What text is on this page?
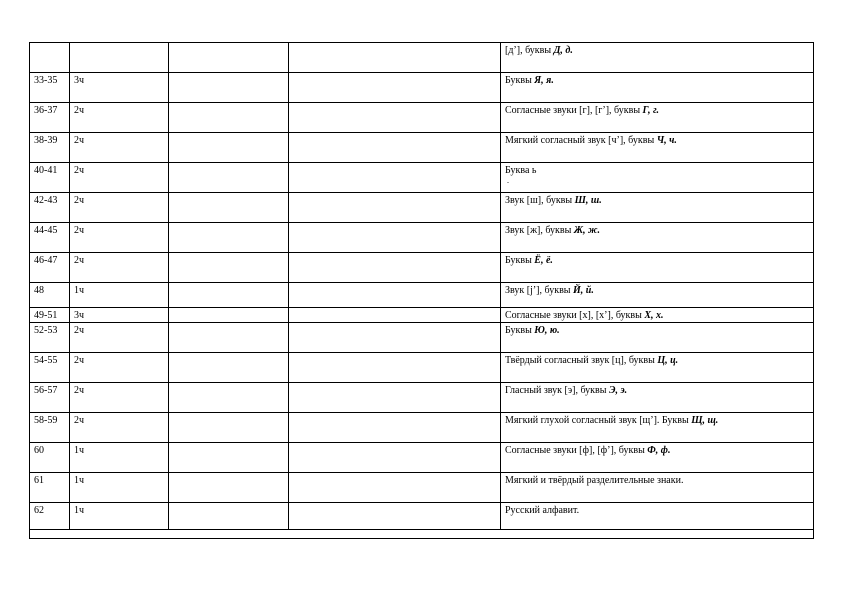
				[д’], буквы Д, д.

33-35	3ч			Буквы Я, я.

36-37	2ч			Согласные звуки [г], [г’], буквы Г, г.

38-39	2ч			Мягкий согласный звук [ч’], буквы Ч, ч.

40-41	2ч			Буква ь
.

42-43	2ч			Звук [ш], буквы Ш, ш.

44-45	2ч			Звук [ж], буквы Ж, ж.

46-47	2ч			Буквы Ё, ё.

48	1ч			Звук [j’], буквы Й, й.

49-51	3ч			Согласные звуки [х], [х’], буквы Х, х.

52-53	2ч			Буквы Ю, ю.

54-55	2ч			Твёрдый согласный звук [ц], буквы Ц, ц.

56-57	2ч			Гласный звук [э], буквы Э, э.

58-59	2ч			Мягкий глухой согласный звук [щ’]. Буквы Щ, щ.

60	1ч			Согласные звуки [ф], [ф’], буквы Ф, ф.

61	1ч			Мягкий и твёрдый разделительные знаки.

62	1ч			Русский алфавит.
